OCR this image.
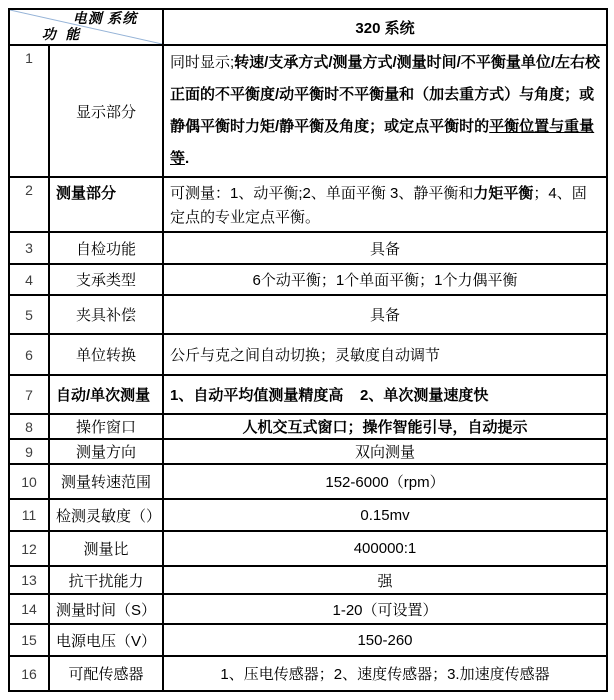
电测 系统
功 能		320 系统
1	显示部分	同时显示;转速/支承方式/测量方式/测量时间/不平衡量单位/左右校正面的不平衡度/动平衡时不平衡量和（加去重方式）与角度；或静偶平衡时力矩/静平衡及角度；或定点平衡时的平衡位置与重量等.
2	测量部分	可测量：1、动平衡;2、单面平衡 3、静平衡和力矩平衡；4、固定点的专业定点平衡。
3	自检功能	具备
4	支承类型	6个动平衡；1个单面平衡；1个力偶平衡
5	夹具补偿	具备
6	单位转换	公斤与克之间自动切换；灵敏度自动调节
7	自动/单次测量	1、自动平均值测量精度高    2、单次测量速度快
8	操作窗口	人机交互式窗口；操作智能引导，自动提示
9	测量方向	双向测量
10	测量转速范围	152-6000（rpm）
11	检测灵敏度（）	0.15mv
12	测量比	400000:1
13	抗干扰能力	强
14	测量时间（S）	1-20（可设置）
15	电源电压（V）	150-260
16	可配传感器	1、压电传感器；2、速度传感器；3.加速度传感器
